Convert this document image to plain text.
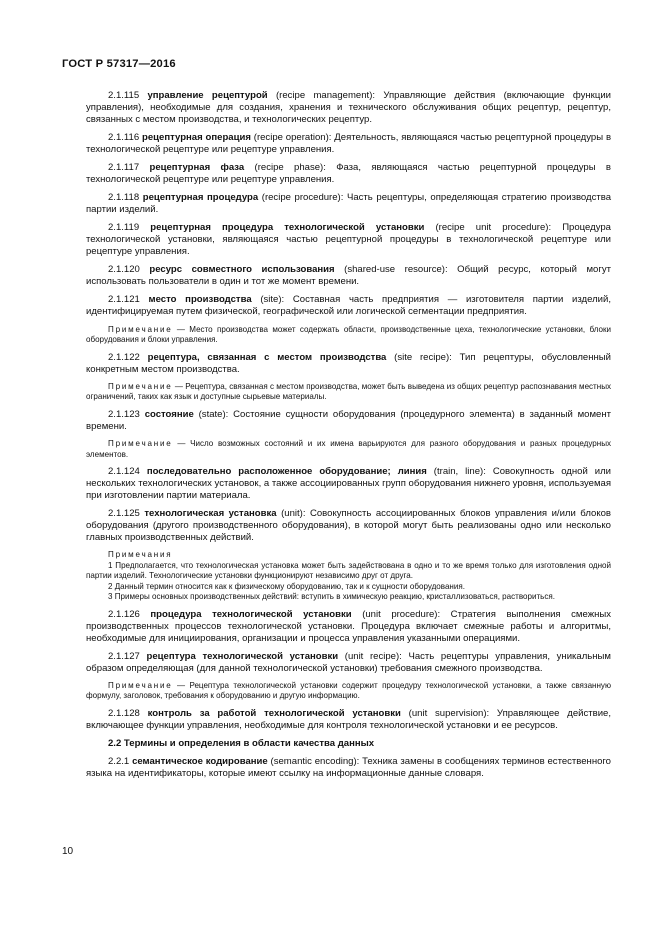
ГОСТ Р 57317—2016

2.1.115 управление рецептурой (recipe management): Управляющие действия (включающие функции управления), необходимые для создания, хранения и технического обслуживания общих рецептур, рецептур, связанных с местом производства, и технологических рецептур.

2.1.116 рецептурная операция (recipe operation): Деятельность, являющаяся частью рецептурной процедуры в технологической рецептуре или рецептуре управления.

2.1.117 рецептурная фаза (recipe phase): Фаза, являющаяся частью рецептурной процедуры в технологической рецептуре или рецептуре управления.

2.1.118 рецептурная процедура (recipe procedure): Часть рецептуры, определяющая стратегию производства партии изделий.

2.1.119 рецептурная процедура технологической установки (recipe unit procedure): Процедура технологической установки, являющаяся частью рецептурной процедуры в технологической рецептуре или рецептуре управления.

2.1.120 ресурс совместного использования (shared-use resource): Общий ресурс, который могут использовать пользователи в один и тот же момент времени.

2.1.121 место производства (site): Составная часть предприятия — изготовителя партии изделий, идентифицируемая путем физической, географической или логической сегментации предприятия.

Примечание — Место производства может содержать области, производственные цеха, технологические установки, блоки оборудования и блоки управления.

2.1.122 рецептура, связанная с местом производства (site recipe): Тип рецептуры, обусловленный конкретным местом производства.

Примечание — Рецептура, связанная с местом производства, может быть выведена из общих рецептур распознавания местных ограничений, таких как язык и доступные сырьевые материалы.

2.1.123 состояние (state): Состояние сущности оборудования (процедурного элемента) в заданный момент времени.

Примечание — Число возможных состояний и их имена варьируются для разного оборудования и разных процедурных элементов.

2.1.124 последовательно расположенное оборудование; линия (train, line): Совокупность одной или нескольких технологических установок, а также ассоциированных групп оборудования нижнего уровня, используемая при изготовлении партии материала.

2.1.125 технологическая установка (unit): Совокупность ассоциированных блоков управления и/или блоков оборудования (другого производственного оборудования), в которой могут быть реализованы одно или несколько главных производственных действий.

Примечания

1 Предполагается, что технологическая установка может быть задействована в одно и то же время только для изготовления одной партии изделий. Технологические установки функционируют независимо друг от друга.

2 Данный термин относится как к физическому оборудованию, так и к сущности оборудования.

3 Примеры основных производственных действий: вступить в химическую реакцию, кристаллизоваться, раствориться.

2.1.126 процедура технологической установки (unit procedure): Стратегия выполнения смежных производственных процессов технологической установки. Процедура включает смежные работы и алгоритмы, необходимые для инициирования, организации и процесса управления указанными операциями.

2.1.127 рецептура технологической установки (unit recipe): Часть рецептуры управления, уникальным образом определяющая (для данной технологической установки) требования смежного производства.

Примечание — Рецептура технологической установки содержит процедуру технологической установки, а также связанную формулу, заголовок, требования к оборудованию и другую информацию.

2.1.128 контроль за работой технологической установки (unit supervision): Управляющее действие, включающее функции управления, необходимые для контроля технологической установки и ее ресурсов.

2.2 Термины и определения в области качества данных

2.2.1 семантическое кодирование (semantic encoding): Техника замены в сообщениях терминов естественного языка на идентификаторы, которые имеют ссылку на информационные данные словаря.

10
